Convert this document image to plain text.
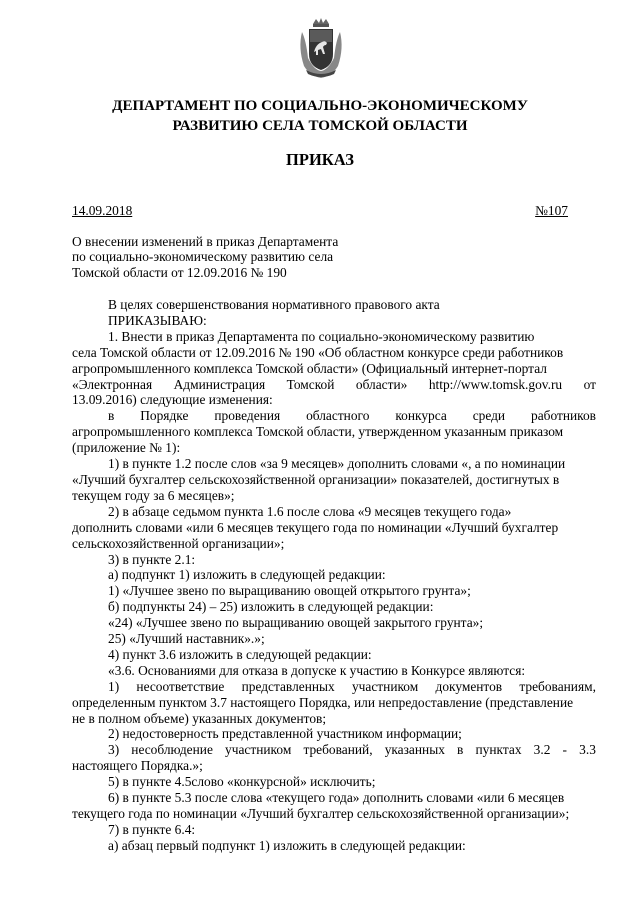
ДЕПАРТАМЕНТ ПО СОЦИАЛЬНО-ЭКОНОМИЧЕСКОМУ
РАЗВИТИЮ СЕЛА ТОМСКОЙ ОБЛАСТИ
ПРИКАЗ
14.09.2018	№107
О внесении изменений в приказ Департамента
по социально-экономическому развитию села
Томской области от 12.09.2016 № 190
В целях совершенствования нормативного правового акта
ПРИКАЗЫВАЮ:
1. Внести в приказ Департамента по социально-экономическому развитию
села Томской области от 12.09.2016 № 190 «Об областном конкурсе среди работников
агропромышленного комплекса Томской области» (Официальный интернет-портал
«Электронная Администрация Томской области» http://www.tomsk.gov.ru от
13.09.2016) следующие изменения:
в Порядке проведения областного конкурса среди работников
агропромышленного комплекса Томской области, утвержденном указанным приказом
(приложение № 1):
1) в пункте 1.2 после слов «за 9 месяцев» дополнить словами «, а по номинации
«Лучший бухгалтер сельскохозяйственной организации» показателей, достигнутых в
текущем году за 6 месяцев»;
2) в абзаце седьмом пункта 1.6 после слова «9 месяцев текущего года»
дополнить словами «или 6 месяцев текущего года по номинации «Лучший бухгалтер
сельскохозяйственной организации»;
3) в пункте 2.1:
а) подпункт 1) изложить в следующей редакции:
1) «Лучшее звено по выращиванию овощей открытого грунта»;
б) подпункты 24) – 25) изложить в следующей редакции:
«24) «Лучшее звено по выращиванию овощей закрытого грунта»;
25) «Лучший наставник».»;
4) пункт 3.6 изложить в следующей редакции:
«3.6. Основаниями для отказа в допуске к участию в Конкурсе являются:
1) несоответствие представленных участником документов требованиям,
определенным пунктом 3.7 настоящего Порядка, или непредоставление (представление
не в полном объеме) указанных документов;
2) недостоверность представленной участником информации;
3) несоблюдение участником требований, указанных в пунктах 3.2 - 3.3
настоящего Порядка.»;
5) в пункте 4.5слово «конкурсной» исключить;
6) в пункте 5.3 после слова «текущего года» дополнить словами «или 6 месяцев
текущего года по номинации «Лучший бухгалтер сельскохозяйственной организации»;
7) в пункте 6.4:
а) абзац первый подпункт 1) изложить в следующей редакции:
